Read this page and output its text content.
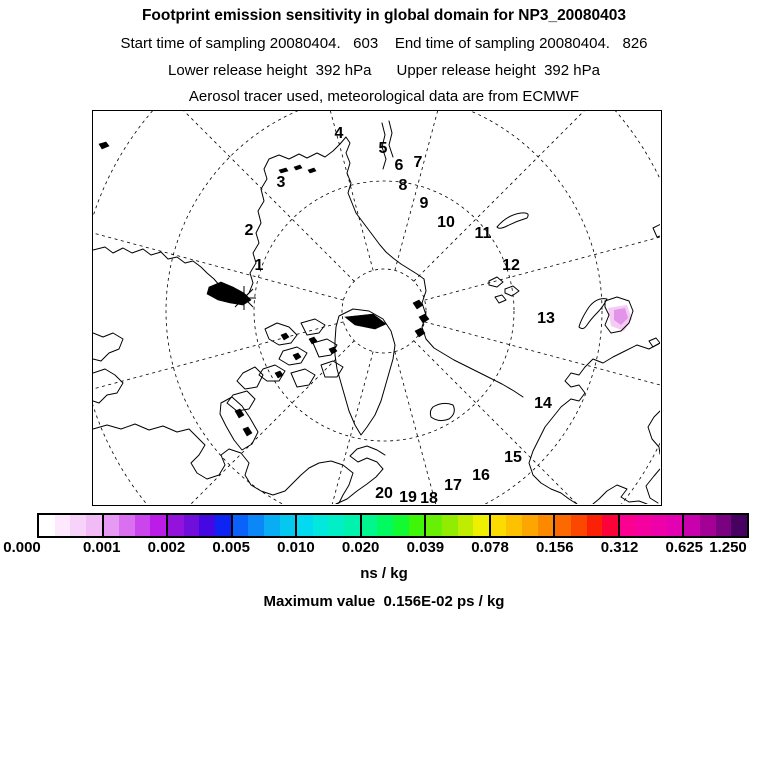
Footprint emission sensitivity in global domain for NP3_20080403
Start time of sampling 20080404.   603    End time of sampling 20080404.   826
Lower release height  392 hPa      Upper release height  392 hPa
Aerosol tracer used, meteorological data are from ECMWF
1
2
3
4
5
6 7
8
9
10
11
12
13
14
15
16
17
18
19
20
ns / kg
Maximum value  0.156E-02 ps / kg
0.000	0.001 0.002 0.005 0.010 0.020 0.039 0.078 0.156 0.312 0.625 1.250
